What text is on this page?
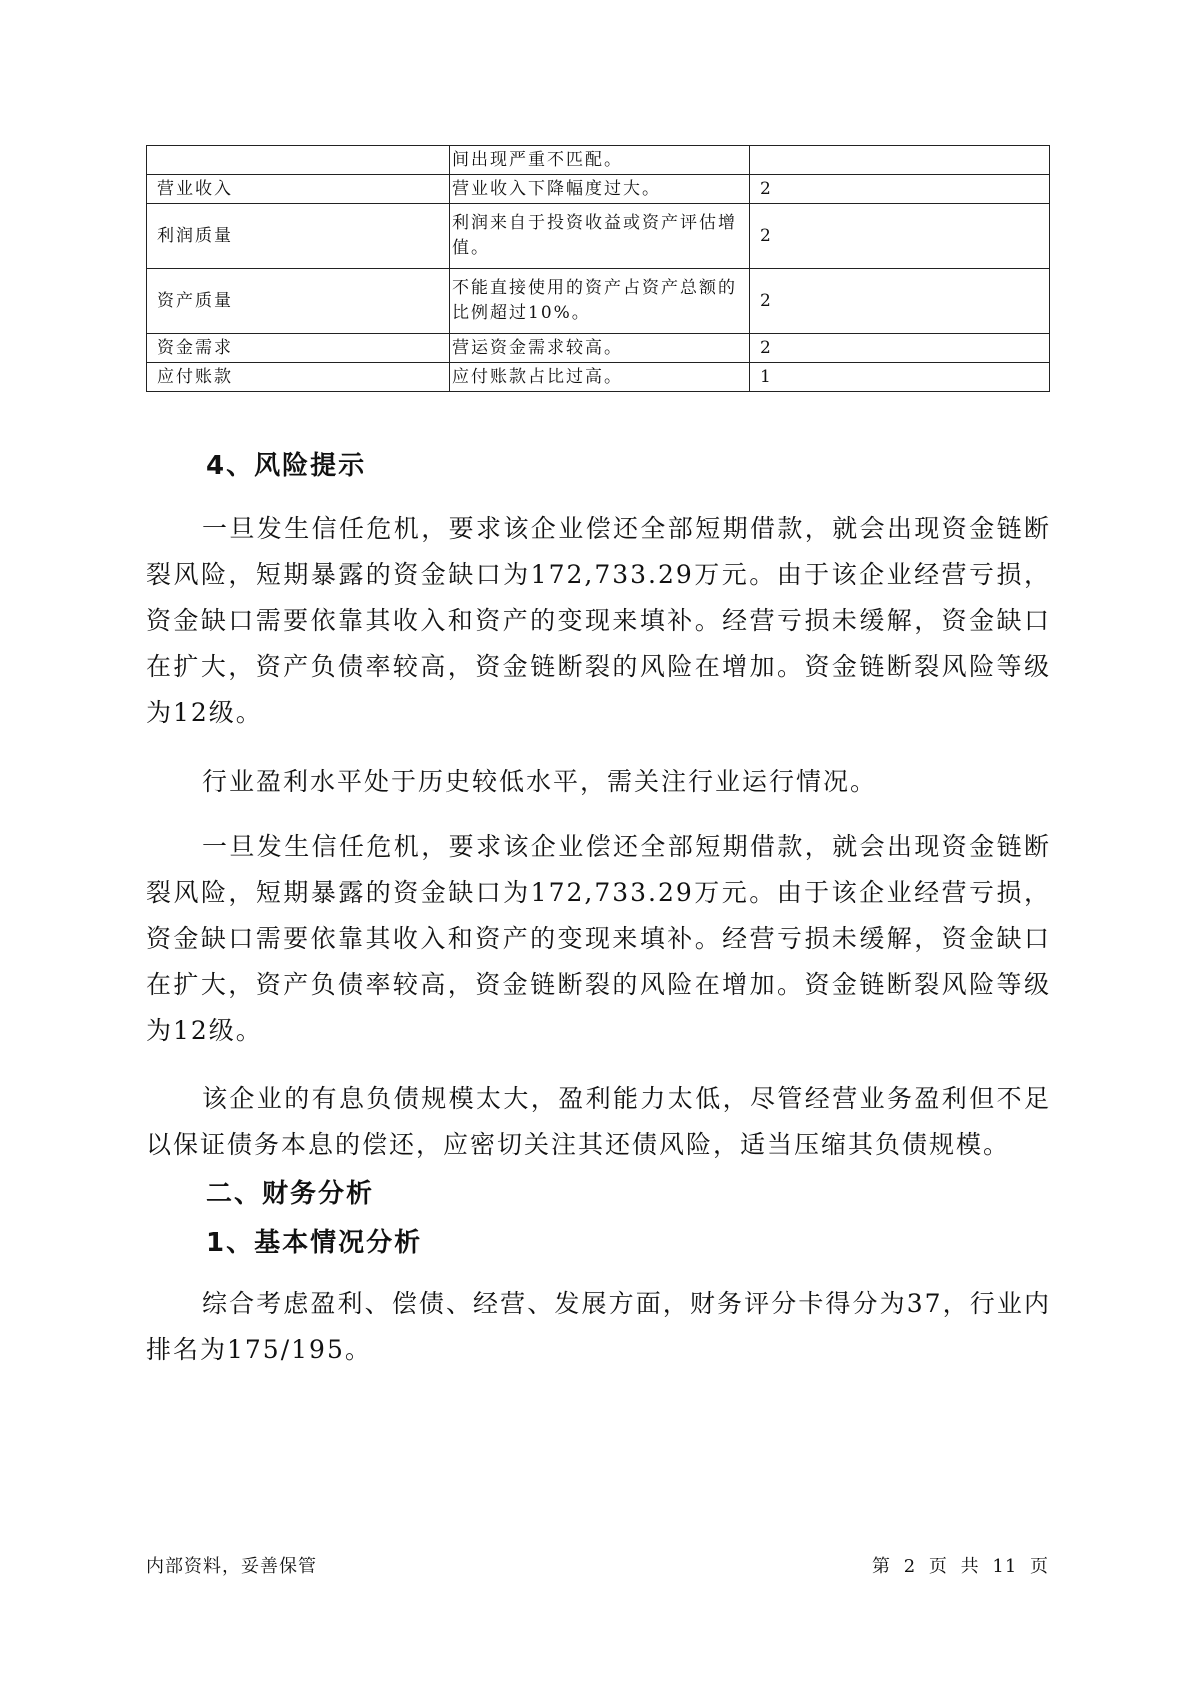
	间出现严重不匹配。	
营业收入	营业收入下降幅度过大。	2
利润质量	利润来自于投资收益或资产评估增值。	2
资产质量	不能直接使用的资产占资产总额的比例超过10%。	2
资金需求	营运资金需求较高。	2
应付账款	应付账款占比过高。	1
4、风险提示

一旦发生信任危机，要求该企业偿还全部短期借款，就会出现资金链断裂风险，短期暴露的资金缺口为172,733.29万元。由于该企业经营亏损，资金缺口需要依靠其收入和资产的变现来填补。经营亏损未缓解，资金缺口在扩大，资产负债率较高，资金链断裂的风险在增加。资金链断裂风险等级为12级。

行业盈利水平处于历史较低水平，需关注行业运行情况。

一旦发生信任危机，要求该企业偿还全部短期借款，就会出现资金链断裂风险，短期暴露的资金缺口为172,733.29万元。由于该企业经营亏损，资金缺口需要依靠其收入和资产的变现来填补。经营亏损未缓解，资金缺口在扩大，资产负债率较高，资金链断裂的风险在增加。资金链断裂风险等级为12级。

该企业的有息负债规模太大，盈利能力太低，尽管经营业务盈利但不足以保证债务本息的偿还，应密切关注其还债风险，适当压缩其负债规模。

二、财务分析
1、基本情况分析

综合考虑盈利、偿债、经营、发展方面，财务评分卡得分为37，行业内排名为175/195。

内部资料，妥善保管	第 2 页 共 11 页
